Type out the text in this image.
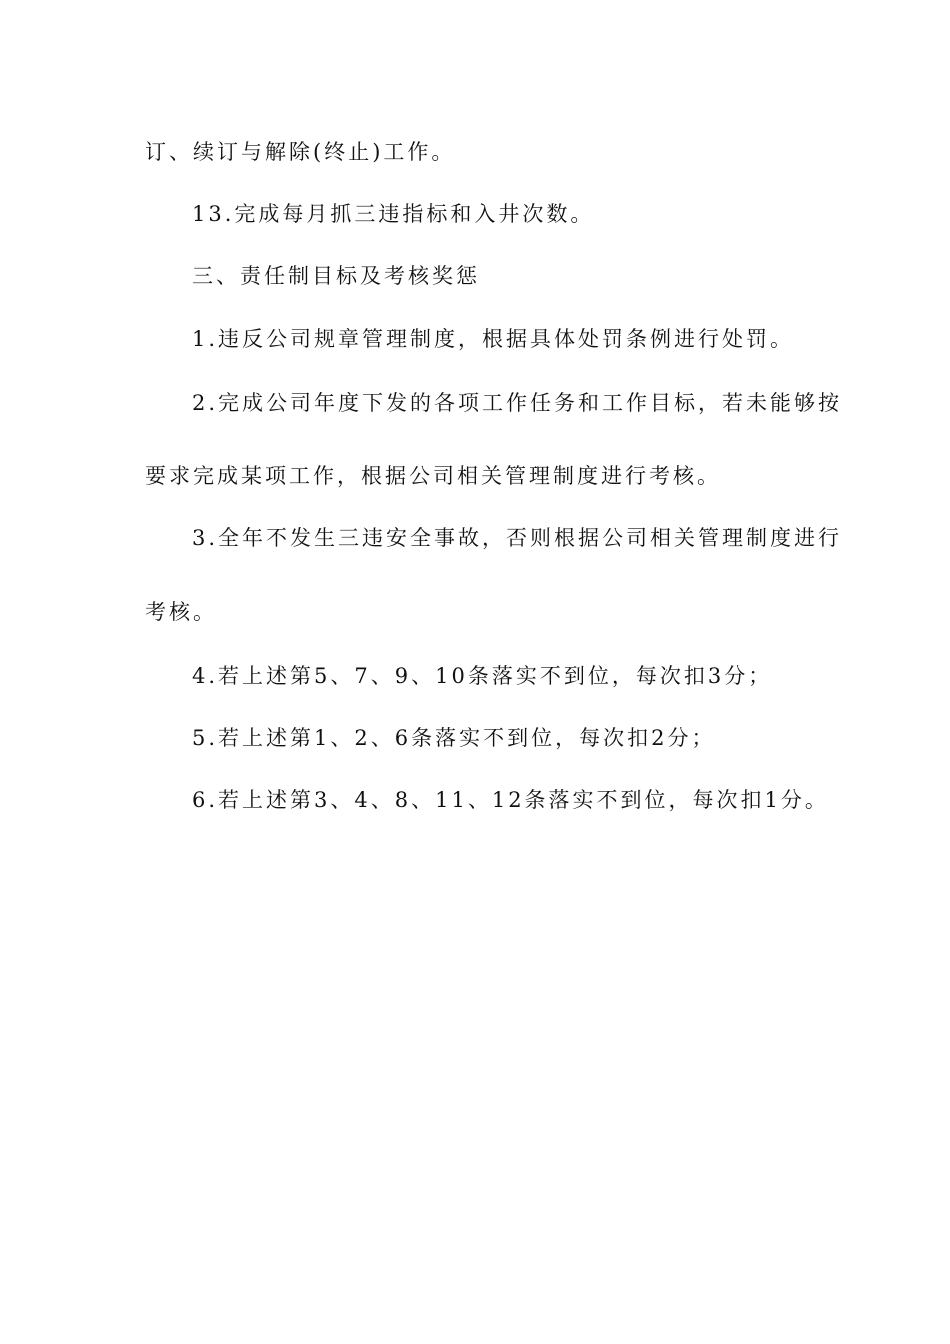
订、续订与解除(终止)工作。
13.完成每月抓三违指标和入井次数。
三、责任制目标及考核奖惩
1.违反公司规章管理制度，根据具体处罚条例进行处罚。
2.完成公司年度下发的各项工作任务和工作目标，若未能够按
要求完成某项工作，根据公司相关管理制度进行考核。
3.全年不发生三违安全事故，否则根据公司相关管理制度进行
考核。
4.若上述第5、7、9、10条落实不到位，每次扣3分；
5.若上述第1、2、6条落实不到位，每次扣2分；
6.若上述第3、4、8、11、12条落实不到位，每次扣1分。
